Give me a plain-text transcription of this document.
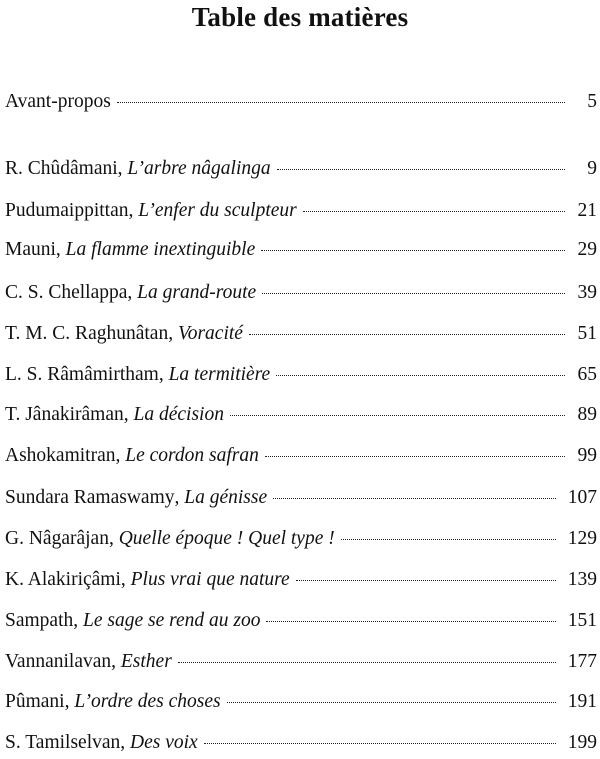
Table des matières
Avant-propos	5
R. Chûdâmani , L’arbre nâgalinga	9
Pudumaippittan , L’enfer du sculpteur	21
Mauni , La flamme inextinguible	29
C. S. Chellappa , La grand-route	39
T. M. C. Raghunâtan , Voracité	51
L. S. Râmâmirtham , La termitière	65
T. Jânakirâman , La décision	89
Ashokamitran , Le cordon safran	99
Sundara Ramaswamy , La génisse	107
G. Nâgarâjan , Quelle époque ! Quel type !	129
K. Alakiriçâmi , Plus vrai que nature	139
Sampath , Le sage se rend au zoo	151
Vannanilavan , Esther	177
Pûmani , L’ordre des choses	191
S. Tamilselvan , Des voix	199
